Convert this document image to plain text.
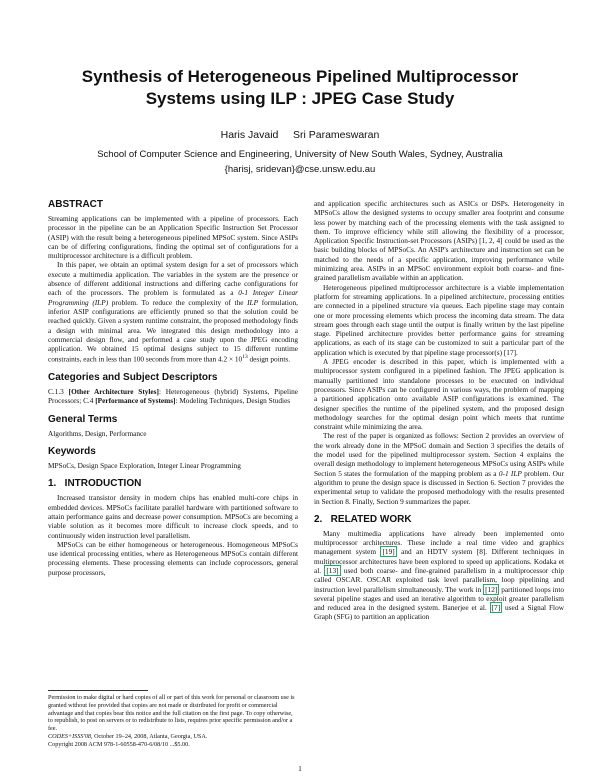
Synthesis of Heterogeneous Pipelined Multiprocessor
Systems using ILP : JPEG Case Study
Haris Javaid     Sri Parameswaran
School of Computer Science and Engineering, University of New South Wales, Sydney, Australia
{harisj, sridevan}@cse.unsw.edu.au
ABSTRACT

Streaming applications can be implemented with a pipeline of processors. Each processor in the pipeline can be an Application Specific Instruction Set Processor (ASIP) with the result being a heterogeneous pipelined MPSoC system. Since ASIPs can be of differing configurations, finding the optimal set of configurations for a multiprocessor architecture is a difficult problem.

In this paper, we obtain an optimal system design for a set of processors which execute a multimedia application. The variables in the system are the presence or absence of different additional instructions and differing cache configurations for each of the processors. The problem is formulated as a 0-1 Integer Linear Programming (ILP) problem. To reduce the complexity of the ILP formulation, inferior ASIP configurations are efficiently pruned so that the solution could be reached quickly. Given a system runtime constraint, the proposed methodology finds a design with minimal area. We integrated this design methodology into a commercial design flow, and performed a case study upon the JPEG encoding application. We obtained 15 optimal designs subject to 15 different runtime constraints, each in less than 100 seconds from more than $4.2 \times 10^{13}$ design points.

Categories and Subject Descriptors

C.1.3 [Other Architecture Styles]: Heterogeneous (hybrid) Systems, Pipeline Processors; C.4 [Performance of Systems]: Modeling Techniques, Design Studies

General Terms

Algorithms, Design, Performance

Keywords

MPSoCs, Design Space Exploration, Integer Linear Programming

1.   INTRODUCTION

Increased transistor density in modern chips has enabled multi-core chips in embedded devices. MPSoCs facilitate parallel hardware with partitioned software to attain performance gains and decrease power consumption. MPSoCs are becoming a viable solution as it becomes more difficult to increase clock speeds, and to continuously widen instruction level parallelism.

MPSoCs can be either homogeneous or heterogeneous. Homogeneous MPSoCs use identical processing entities, where as Heterogeneous MPSoCs contain different processing elements. These processing elements can include coprocessors, general purpose processors,

Permission to make digital or hard copies of all or part of this work for personal or classroom use is granted without fee provided that copies are not made or distributed for profit or commercial advantage and that copies bear this notice and the full citation on the first page. To copy otherwise, to republish, to post on servers or to redistribute to lists, requires prior specific permission and/or a fee.
CODES+ISSS'08, October 19–24, 2008, Atlanta, Georgia, USA.
Copyright 2008 ACM 978-1-60558-470-6/08/10 ...$5.00.

and application specific architectures such as ASICs or DSPs. Heterogeneity in MPSoCs allow the designed systems to occupy smaller area footprint and consume less power by matching each of the processing elements with the task assigned to them. To improve efficiency while still allowing the flexibility of a processor, Application Specific Instruction-set Processors (ASIPs) [1, 2, 4] could be used as the basic building blocks of MPSoCs. An ASIP's architecture and instruction set can be matched to the needs of a specific application, improving performance while minimizing area. ASIPs in an MPSoC environment exploit both coarse- and fine-grained parallelism available within an application.

Heterogeneous pipelined multiprocessor architecture is a viable implementation platform for streaming applications. In a pipelined architecture, processing entities are connected in a pipelined structure via queues. Each pipeline stage may contain one or more processing elements which process the incoming data stream. The data stream goes through each stage until the output is finally written by the last pipeline stage. Pipelined architecture provides better performance gains for streaming applications, as each of its stage can be customized to suit a particular part of the application which is executed by that pipeline stage processor(s) [17].

A JPEG encoder is described in this paper, which is implemented with a multiprocessor system configured in a pipelined fashion. The JPEG application is manually partitioned into standalone processes to be executed on individual processors. Since ASIPs can be configured in various ways, the problem of mapping a partitioned application onto available ASIP configurations is examined. The designer specifies the runtime of the pipelined system, and the proposed design methodology searches for the optimal design point which meets that runtime constraint while minimizing the area.

The rest of the paper is organized as follows: Section 2 provides an overview of the work already done in the MPSoC domain and Section 3 specifies the details of the model used for the pipelined multiprocessor system. Section 4 explains the overall design methodology to implement heterogeneous MPSoCs using ASIPs while Section 5 states the formulation of the mapping problem as a 0-1 ILP problem. Our algorithm to prune the design space is discussed in Section 6. Section 7 provides the experimental setup to validate the proposed methodology with the results presented in Section 8. Finally, Section 9 summarizes the paper.

2.   RELATED WORK

Many multimedia applications have already been implemented onto multiprocessor architectures. These include a real time video and graphics management system [19] and an HDTV system [8]. Different techniques in multiprocessor architectures have been explored to speed up applications. Kodaka et al. [13] used both coarse- and fine-grained parallelism in a multiprocessor chip called OSCAR. OSCAR exploited task level parallelism, loop pipelining and instruction level parallelism simultaneously. The work in [12] partitioned loops into several pipeline stages and used an iterative algorithm to exploit greater parallelism and reduced area in the designed system. Banerjee et al. [7] used a Signal Flow Graph (SFG) to partition an application

1
